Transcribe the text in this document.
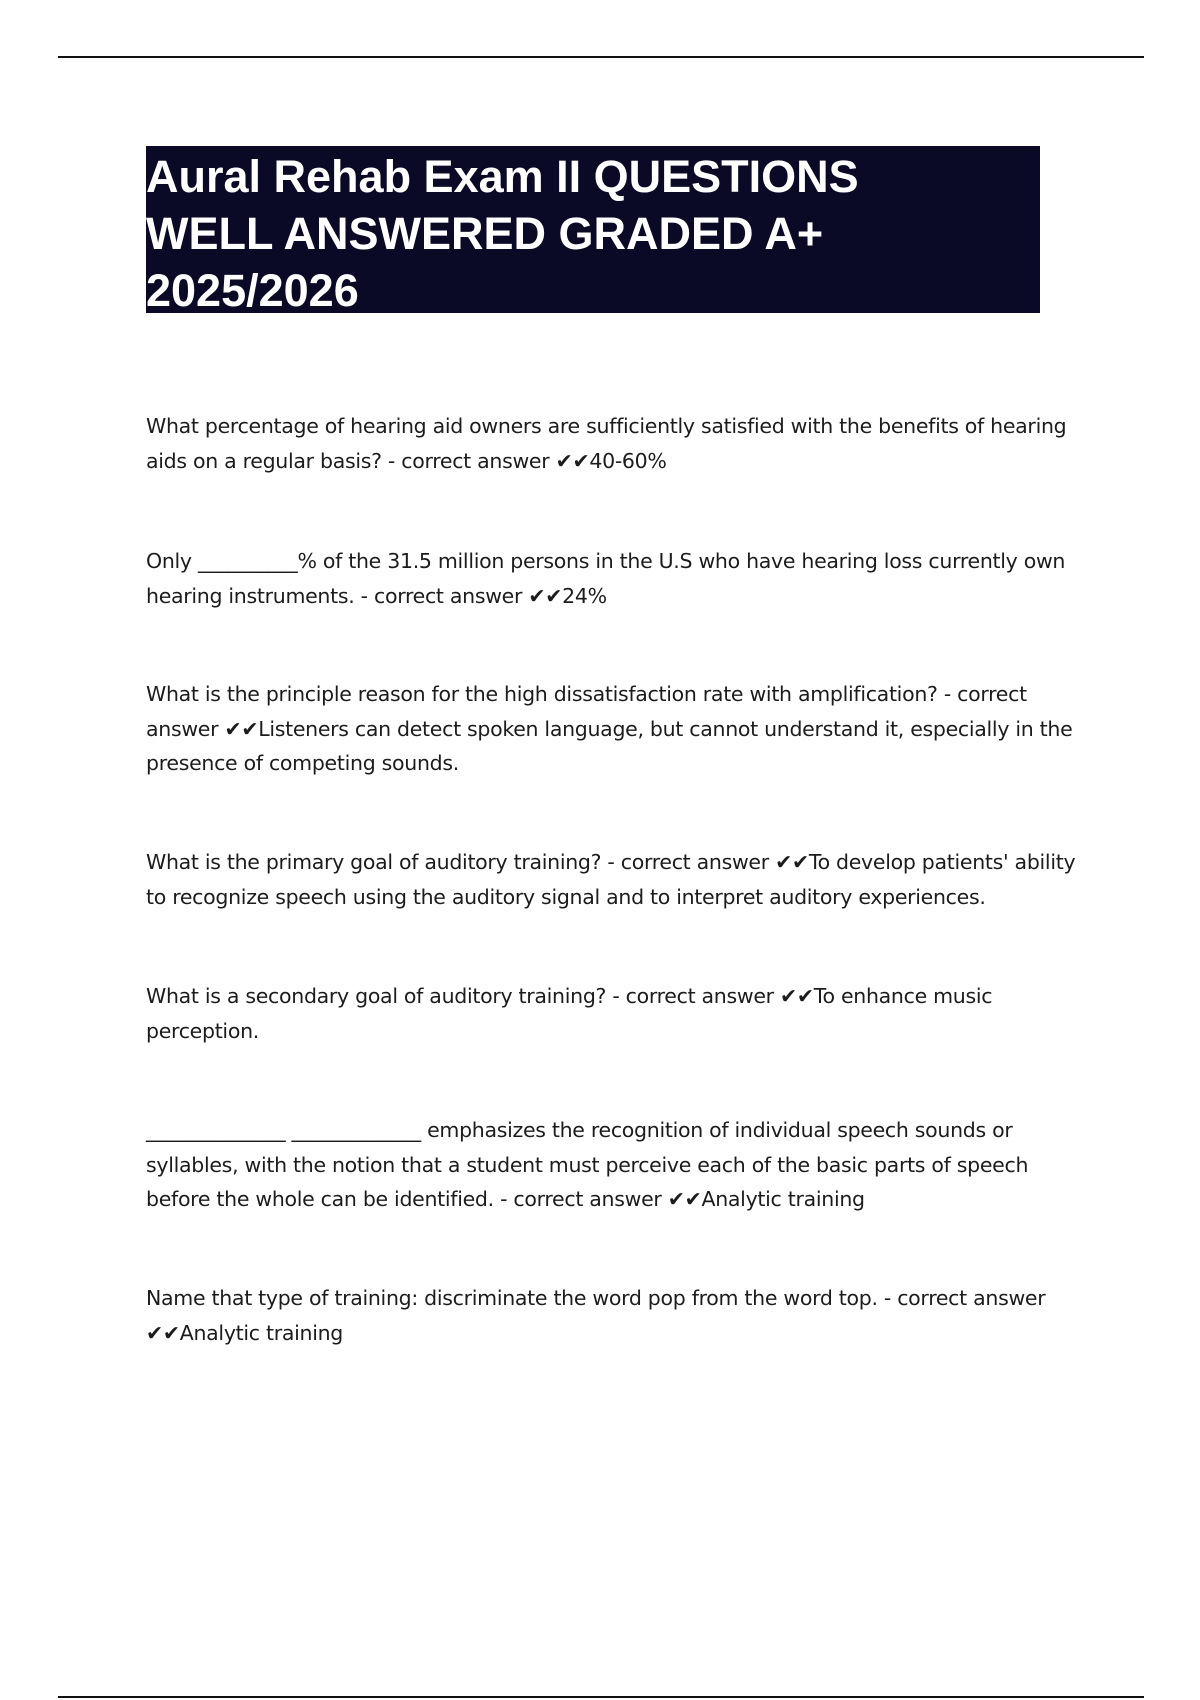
Aural Rehab Exam II QUESTIONS
WELL ANSWERED GRADED A+
2025/2026

What percentage of hearing aid owners are sufficiently satisfied with the benefits of hearing aids on a regular basis? - correct answer ✔✔40-60%

Only __________% of the 31.5 million persons in the U.S who have hearing loss currently own hearing instruments. - correct answer ✔✔24%

What is the principle reason for the high dissatisfaction rate with amplification? - correct answer ✔✔Listeners can detect spoken language, but cannot understand it, especially in the presence of competing sounds.

What is the primary goal of auditory training? - correct answer ✔✔To develop patients' ability to recognize speech using the auditory signal and to interpret auditory experiences.

What is a secondary goal of auditory training? - correct answer ✔✔To enhance music perception.

______________ _____________ emphasizes the recognition of individual speech sounds or syllables, with the notion that a student must perceive each of the basic parts of speech before the whole can be identified. - correct answer ✔✔Analytic training

Name that type of training: discriminate the word pop from the word top. - correct answer ✔✔Analytic training
